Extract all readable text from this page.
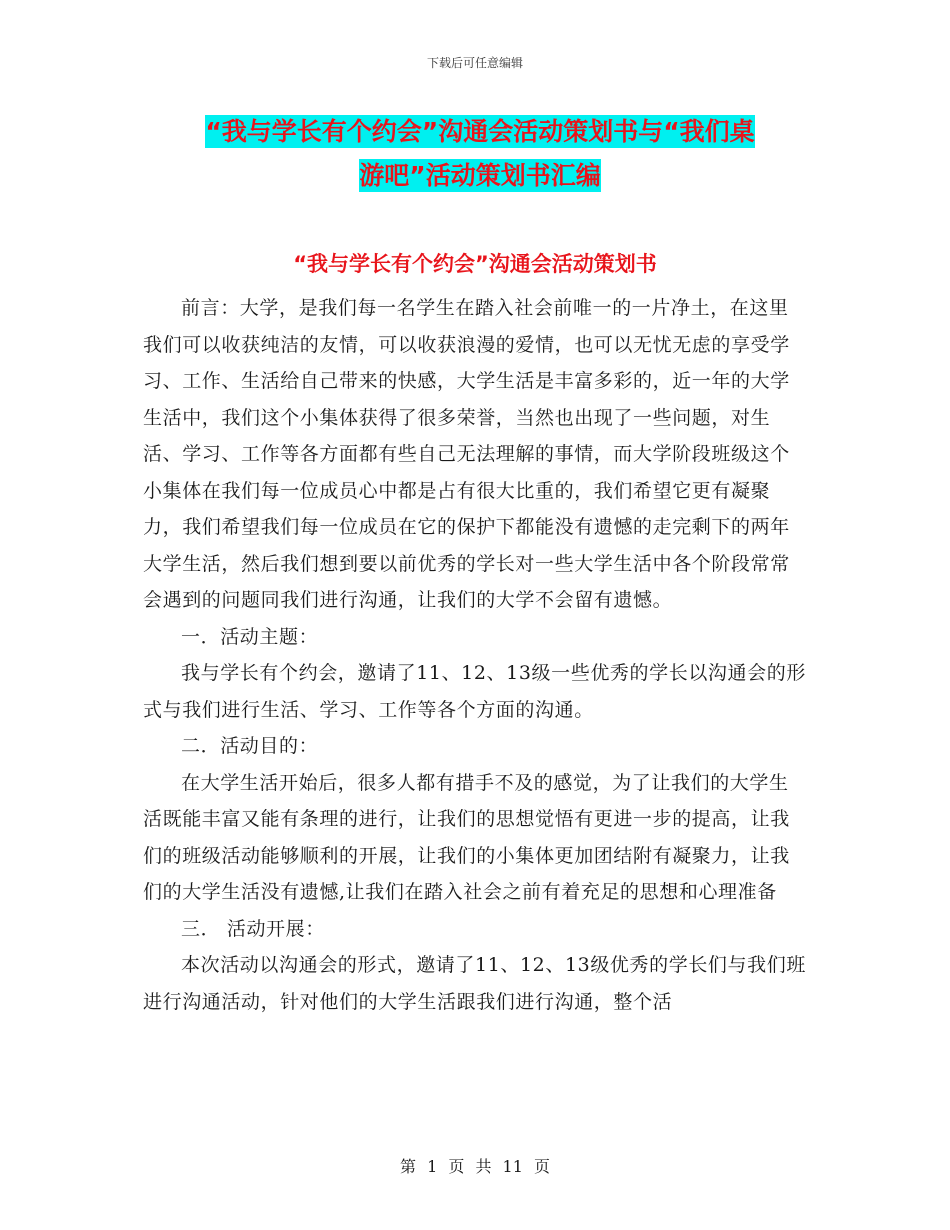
下载后可任意编辑
“我与学长有个约会”沟通会活动策划书与“我们桌
游吧”活动策划书汇编
“我与学长有个约会”沟通会活动策划书

前言：大学，是我们每一名学生在踏入社会前唯一的一片净土，在这里我们可以收获纯洁的友情，可以收获浪漫的爱情，也可以无忧无虑的享受学习、工作、生活给自己带来的快感，大学生活是丰富多彩的，近一年的大学生活中，我们这个小集体获得了很多荣誉，当然也出现了一些问题，对生活、学习、工作等各方面都有些自己无法理解的事情，而大学阶段班级这个小集体在我们每一位成员心中都是占有很大比重的，我们希望它更有凝聚力，我们希望我们每一位成员在它的保护下都能没有遗憾的走完剩下的两年大学生活，然后我们想到要以前优秀的学长对一些大学生活中各个阶段常常会遇到的问题同我们进行沟通，让我们的大学不会留有遗憾。

一．活动主题：

我与学长有个约会，邀请了11、12、13级一些优秀的学长以沟通会的形式与我们进行生活、学习、工作等各个方面的沟通。

二．活动目的：

在大学生活开始后，很多人都有措手不及的感觉，为了让我们的大学生活既能丰富又能有条理的进行，让我们的思想觉悟有更进一步的提高，让我们的班级活动能够顺利的开展，让我们的小集体更加团结附有凝聚力，让我们的大学生活没有遗憾,让我们在踏入社会之前有着充足的思想和心理准备

三． 活动开展：

本次活动以沟通会的形式，邀请了11、12、13级优秀的学长们与我们班进行沟通活动，针对他们的大学生活跟我们进行沟通，整个活

第 1 页 共 11 页
